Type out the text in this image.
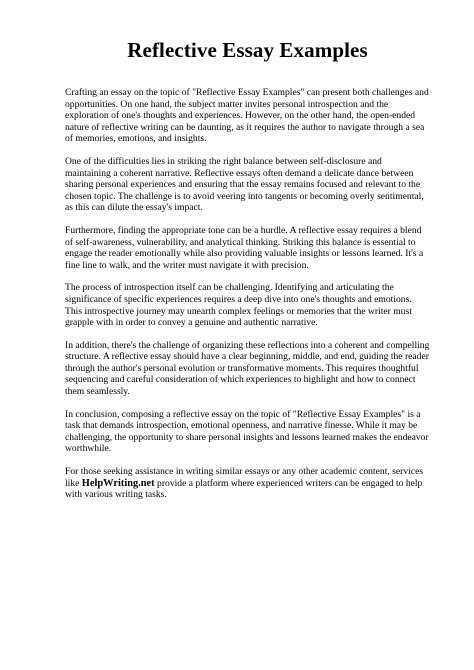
Reflective Essay Examples

Crafting an essay on the topic of "Reflective Essay Examples" can present both challenges and opportunities. On one hand, the subject matter invites personal introspection and the exploration of one's thoughts and experiences. However, on the other hand, the open-ended nature of reflective writing can be daunting, as it requires the author to navigate through a sea of memories, emotions, and insights.

One of the difficulties lies in striking the right balance between self-disclosure and maintaining a coherent narrative. Reflective essays often demand a delicate dance between sharing personal experiences and ensuring that the essay remains focused and relevant to the chosen topic. The challenge is to avoid veering into tangents or becoming overly sentimental, as this can dilute the essay's impact.

Furthermore, finding the appropriate tone can be a hurdle. A reflective essay requires a blend of self-awareness, vulnerability, and analytical thinking. Striking this balance is essential to engage the reader emotionally while also providing valuable insights or lessons learned. It's a fine line to walk, and the writer must navigate it with precision.

The process of introspection itself can be challenging. Identifying and articulating the significance of specific experiences requires a deep dive into one's thoughts and emotions. This introspective journey may unearth complex feelings or memories that the writer must grapple with in order to convey a genuine and authentic narrative.

In addition, there's the challenge of organizing these reflections into a coherent and compelling structure. A reflective essay should have a clear beginning, middle, and end, guiding the reader through the author's personal evolution or transformative moments. This requires thoughtful sequencing and careful consideration of which experiences to highlight and how to connect them seamlessly.

In conclusion, composing a reflective essay on the topic of "Reflective Essay Examples" is a task that demands introspection, emotional openness, and narrative finesse. While it may be challenging, the opportunity to share personal insights and lessons learned makes the endeavor worthwhile.

For those seeking assistance in writing similar essays or any other academic content, services like HelpWriting.net provide a platform where experienced writers can be engaged to help with various writing tasks.
